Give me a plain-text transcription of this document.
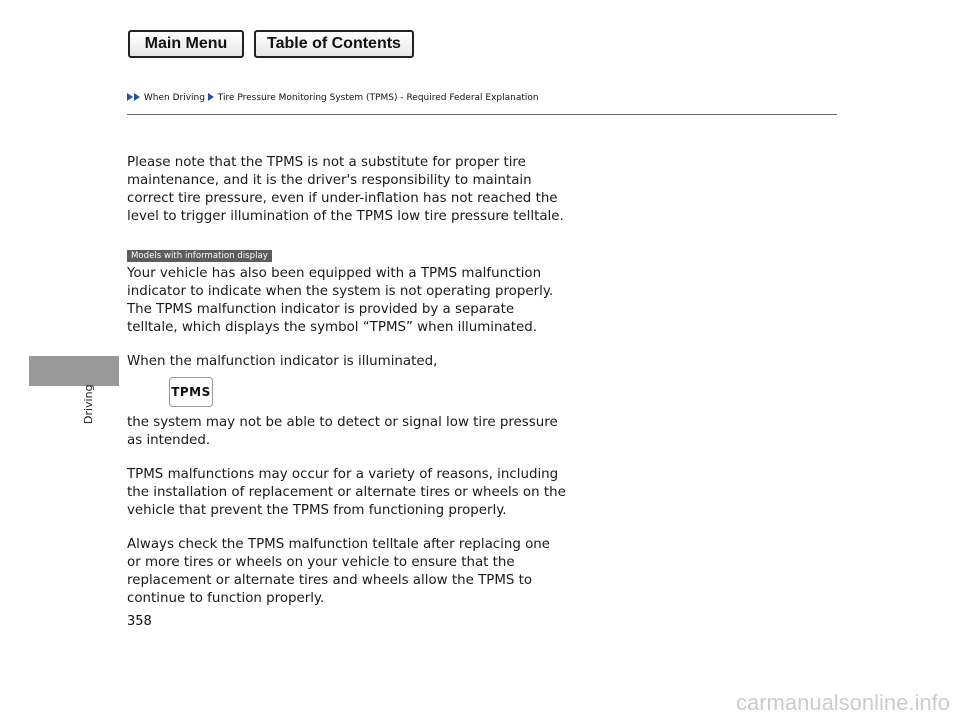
Main Menu	Table of Contents
When Driving Tire Pressure Monitoring System (TPMS) - Required Federal Explanation
Driving

Please note that the TPMS is not a substitute for proper tire maintenance, and it is the driver's responsibility to maintain correct tire pressure, even if under-inflation has not reached the level to trigger illumination of the TPMS low tire pressure telltale.

Models with information display

Your vehicle has also been equipped with a TPMS malfunction indicator to indicate when the system is not operating properly. The TPMS malfunction indicator is provided by a separate telltale, which displays the symbol “TPMS” when illuminated.

When the malfunction indicator is illuminated,

TPMS

the system may not be able to detect or signal low tire pressure as intended.

TPMS malfunctions may occur for a variety of reasons, including the installation of replacement or alternate tires or wheels on the vehicle that prevent the TPMS from functioning properly.

Always check the TPMS malfunction telltale after replacing one or more tires or wheels on your vehicle to ensure that the replacement or alternate tires and wheels allow the TPMS to continue to function properly.

358
carmanualsonline.info
